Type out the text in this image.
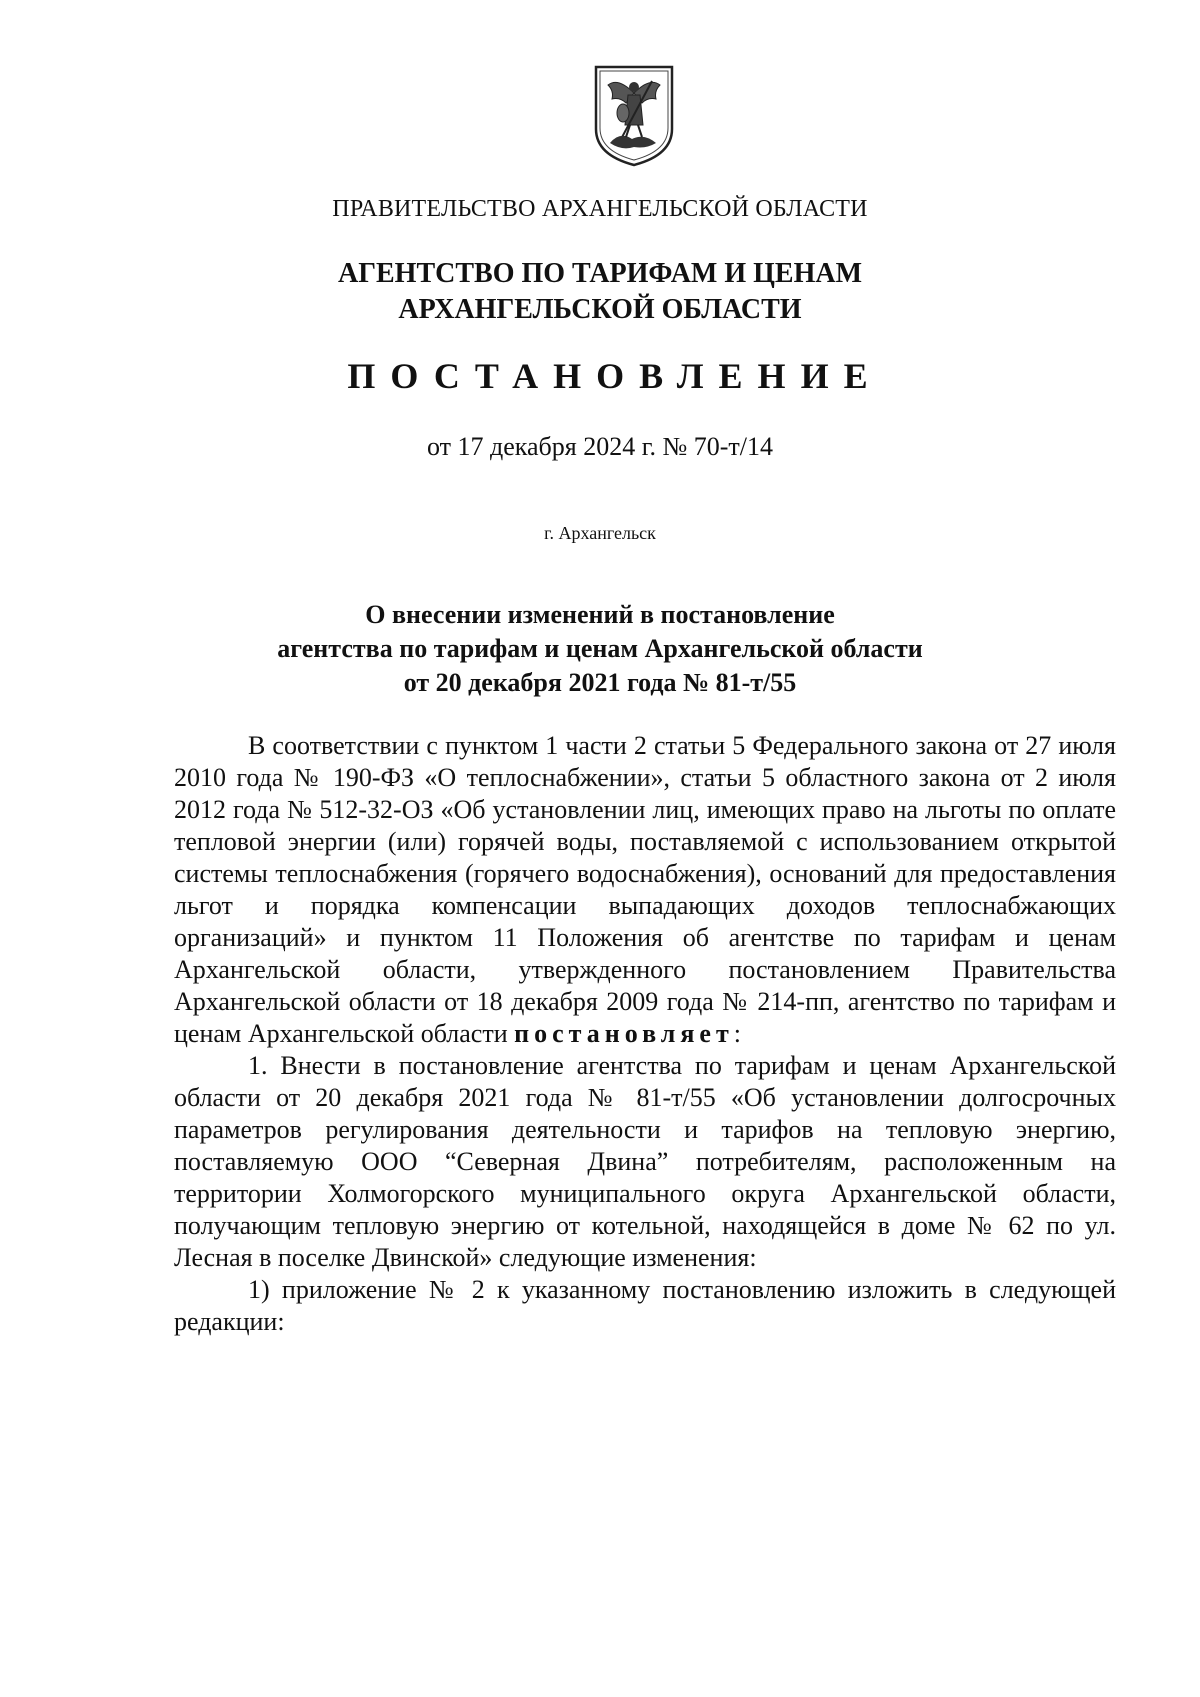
ПРАВИТЕЛЬСТВО АРХАНГЕЛЬСКОЙ ОБЛАСТИ
АГЕНТСТВО ПО ТАРИФАМ И ЦЕНАМ
АРХАНГЕЛЬСКОЙ ОБЛАСТИ
ПОСТАНОВЛЕНИЕ
от 17 декабря 2024 г. № 70-т/14
г. Архангельск
О внесении изменений в постановление
агентства по тарифам и ценам Архангельской области
от 20 декабря 2021 года № 81-т/55

В соответствии с пунктом 1 части 2 статьи 5 Федерального закона от 27 июля 2010 года № 190-ФЗ «О теплоснабжении», статьи 5 областного закона от 2 июля 2012 года № 512-32-ОЗ «Об установлении лиц, имеющих право на льготы по оплате тепловой энергии (или) горячей воды, поставляемой с использованием открытой системы теплоснабжения (горячего водоснабжения), оснований для предоставления льгот и порядка компенсации выпадающих доходов теплоснабжающих организаций» и пунктом 11 Положения об агентстве по тарифам и ценам Архангельской области, утвержденного постановлением Правительства Архангельской области от 18 декабря 2009 года № 214-пп, агентство по тарифам и ценам Архангельской области постановляет:

1. Внести в постановление агентства по тарифам и ценам Архангельской области от 20 декабря 2021 года № 81-т/55 «Об установлении долгосрочных параметров регулирования деятельности и тарифов на тепловую энергию, поставляемую ООО “Северная Двина” потребителям, расположенным на территории Холмогорского муниципального округа Архангельской области, получающим тепловую энергию от котельной, находящейся в доме № 62 по ул. Лесная в поселке Двинской» следующие изменения:

1) приложение № 2 к указанному постановлению изложить в следующей редакции:
